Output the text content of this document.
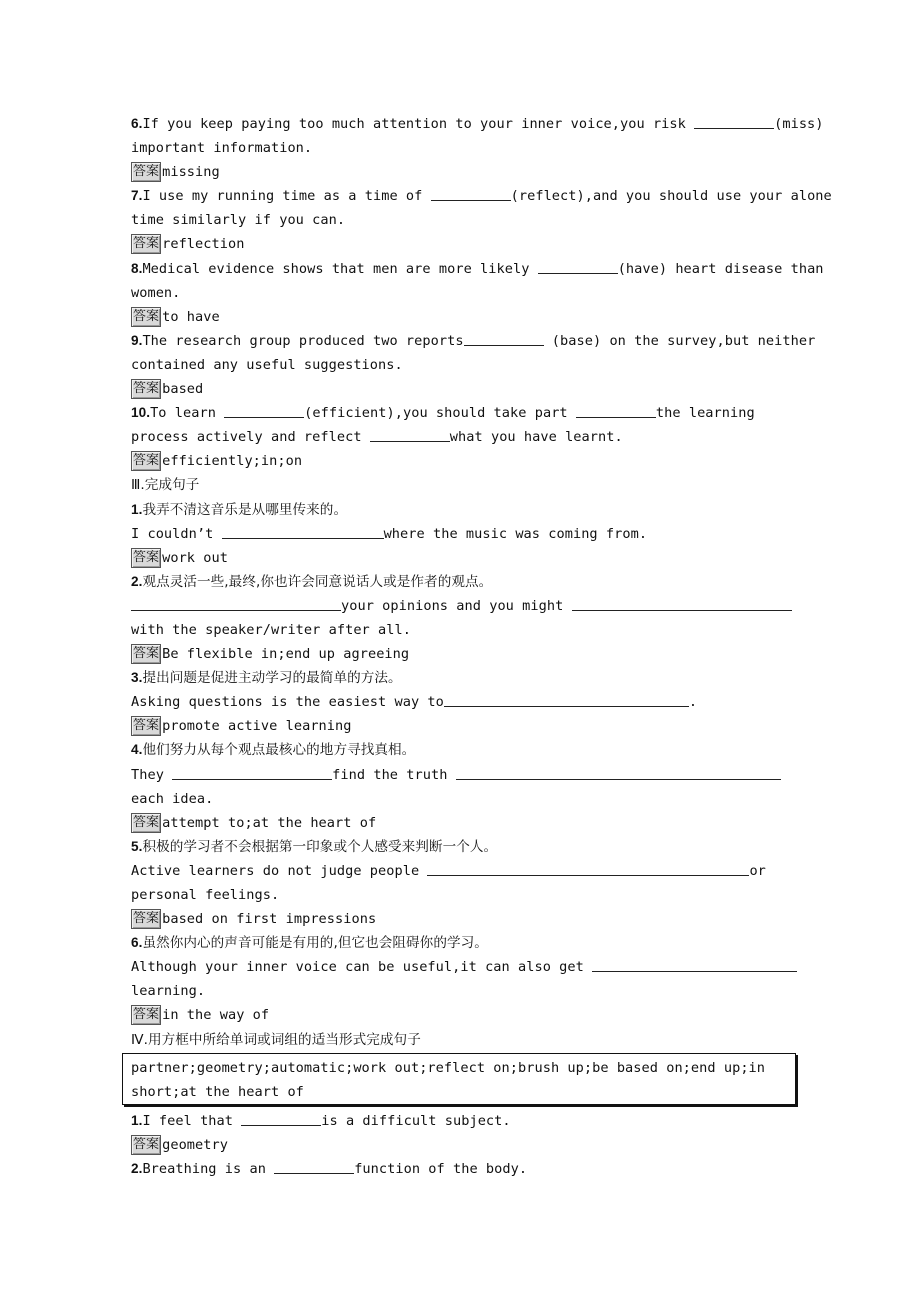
6.If you keep paying too much attention to your inner voice,you risk	(miss)
important information.
答案 missing
7.I use my running time as a time of	(reflect),and you should use your alone
time similarly if you can.
答案 reflection
8.Medical evidence shows that men are more likely	(have) heart disease than
women.
答案 to have
9.The research group produced two reports	(base) on the survey,but neither
contained any useful suggestions.
答案 based
10.To learn	(efficient),you should take part	the learning
process actively and reflect	what you have learnt.
答案 efficiently;in;on
Ⅲ.完成句子
1.我弄不清这音乐是从哪里传来的。
I couldn’t	where the music was coming from.
答案 work out
2.观点灵活一些,最终,你也许会同意说话人或是作者的观点。
your opinions and you might
with the speaker/writer after all.
答案 Be flexible in;end up agreeing
3.提出问题是促进主动学习的最简单的方法。
Asking questions is the easiest way to	.
答案 promote active learning
4.他们努力从每个观点最核心的地方寻找真相。
They	find the truth
each idea.
答案 attempt to;at the heart of
5.积极的学习者不会根据第一印象或个人感受来判断一个人。
Active learners do not judge people	or
personal feelings.
答案 based on first impressions
6.虽然你内心的声音可能是有用的,但它也会阻碍你的学习。
Although your inner voice can be useful,it can also get
learning.
答案 in the way of
Ⅳ.用方框中所给单词或词组的适当形式完成句子
partner;geometry;automatic;work out;reflect on;brush up;be based on;end up;in
short;at the heart of
1.I feel that	is a difficult subject.
答案 geometry
2.Breathing is an	function of the body.
